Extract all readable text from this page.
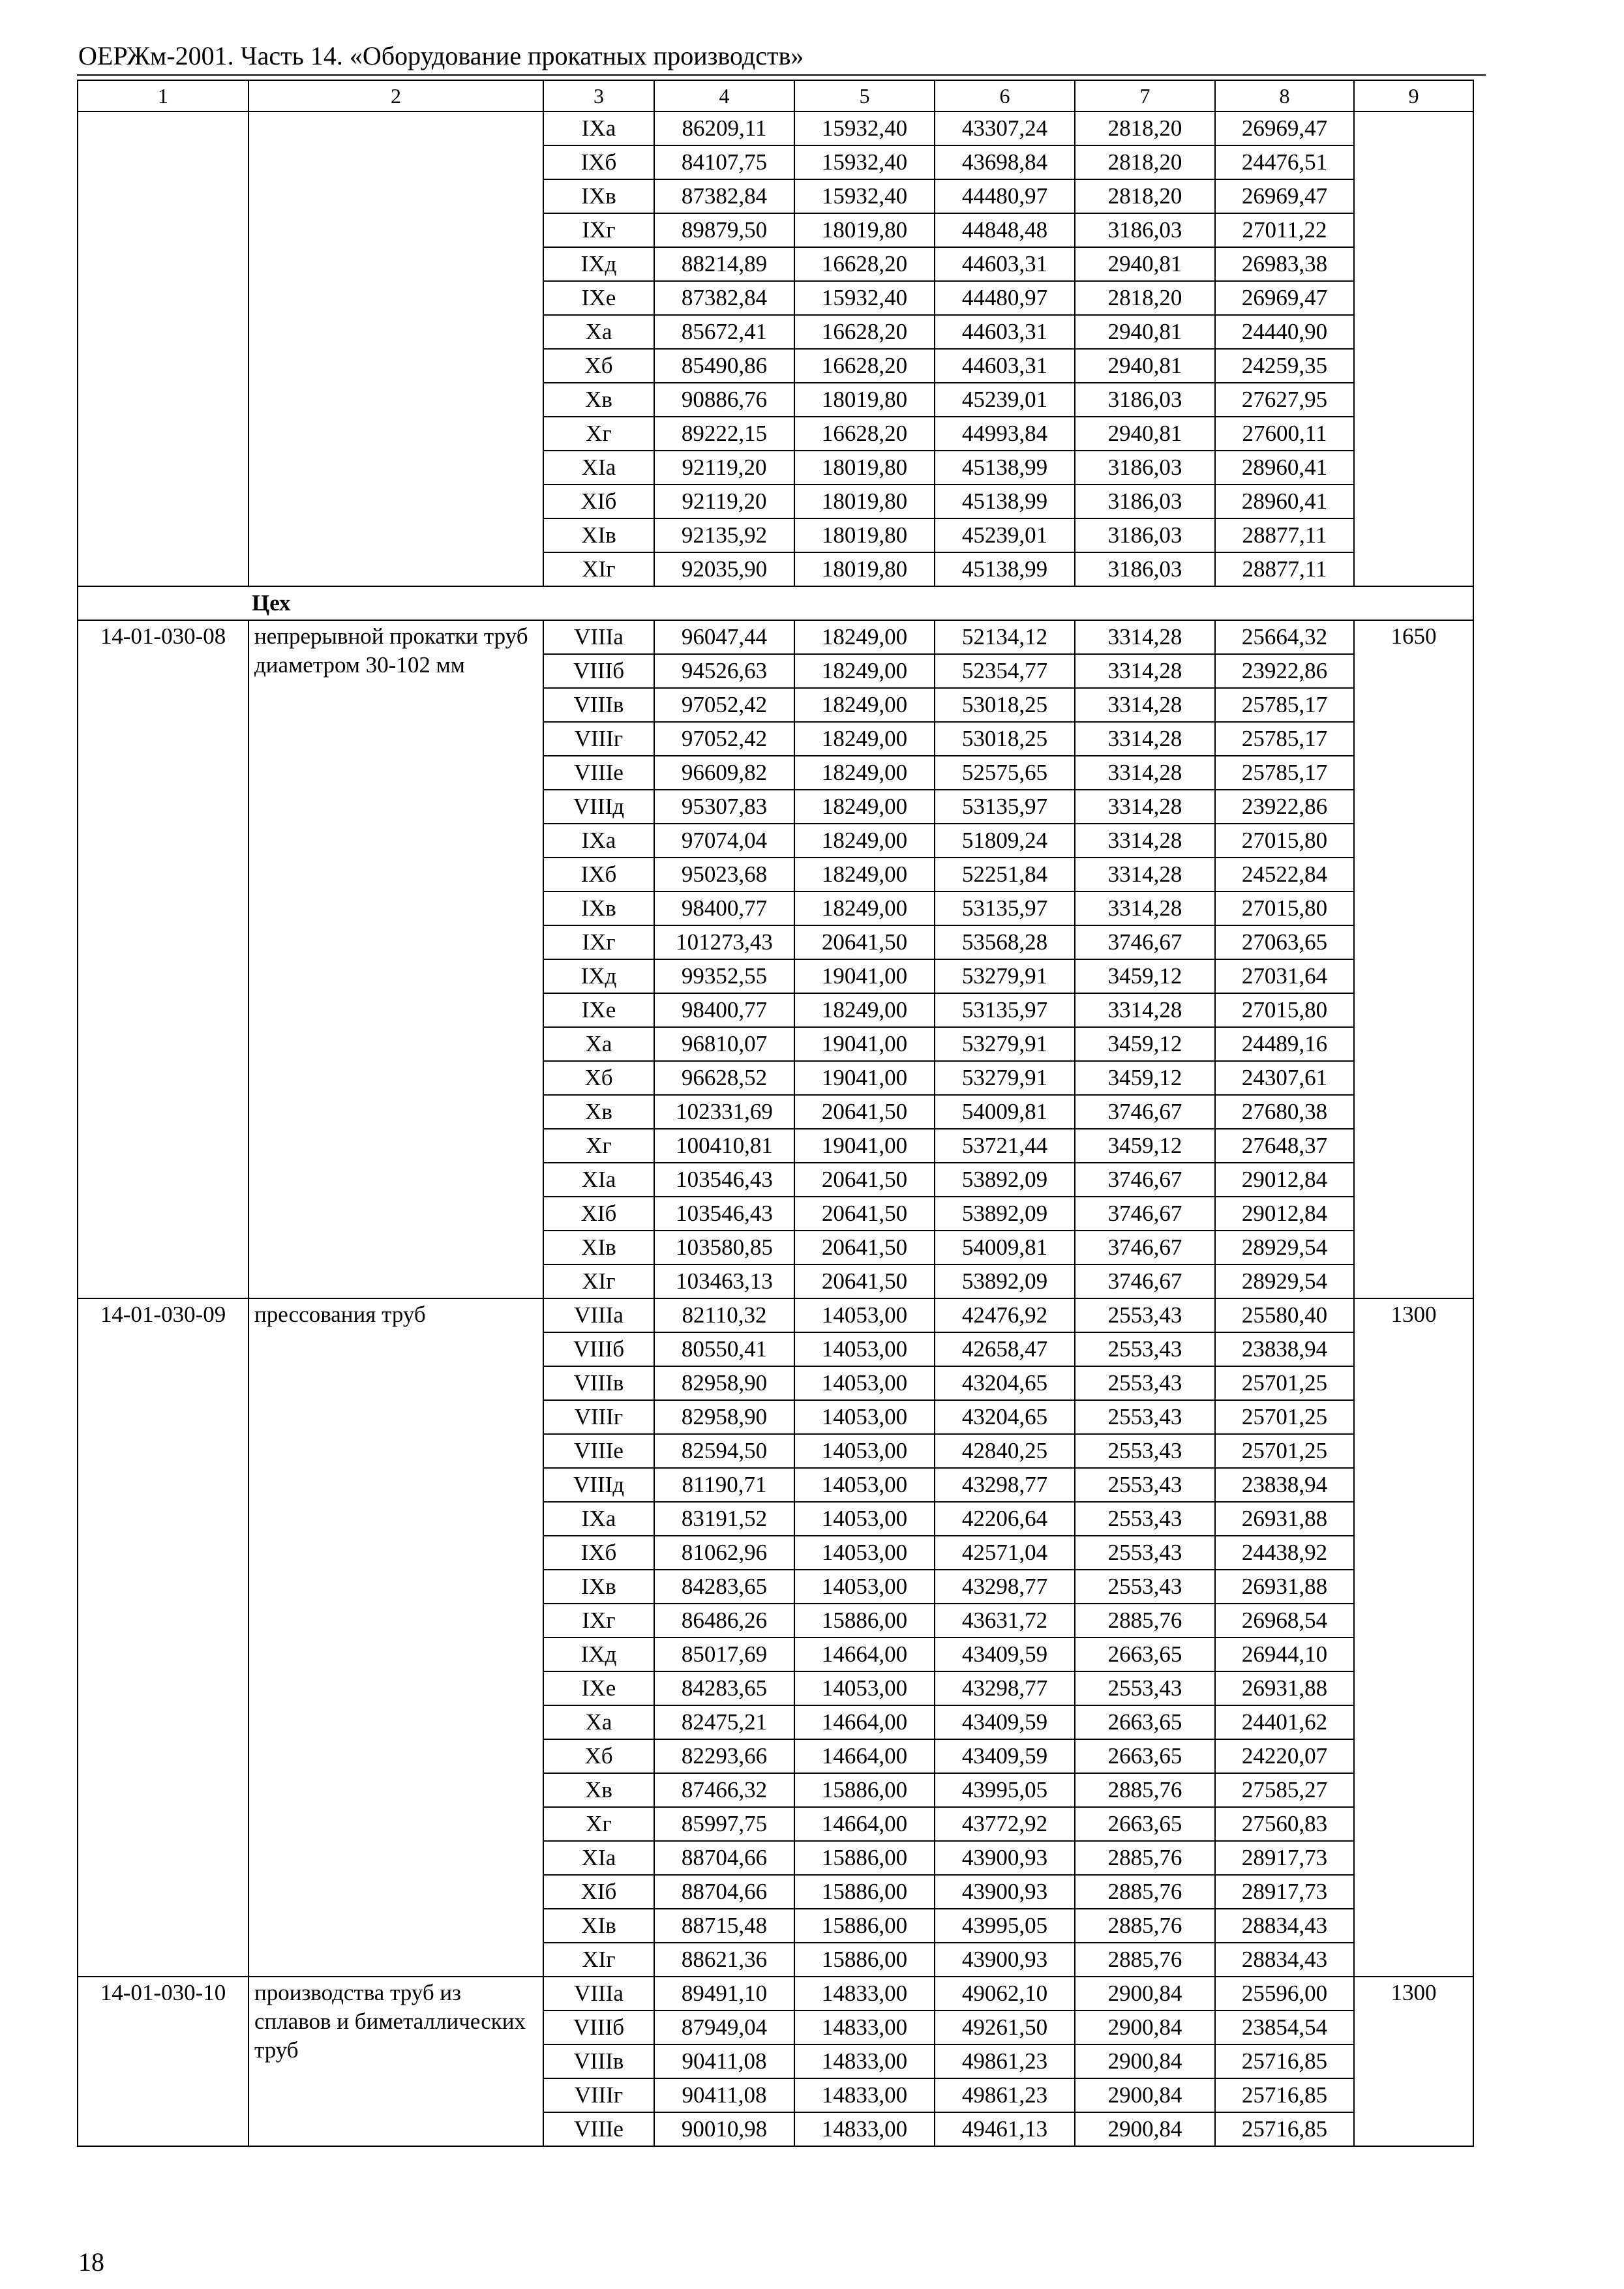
ОЕРЖм-2001. Часть 14. «Оборудование прокатных производств»
1	2	3	4	5	6	7	8	9
		IXа	86209,11	15932,40	43307,24	2818,20	26969,47	
		IXб	84107,75	15932,40	43698,84	2818,20	24476,51	
		IXв	87382,84	15932,40	44480,97	2818,20	26969,47	
		IXг	89879,50	18019,80	44848,48	3186,03	27011,22	
		IXд	88214,89	16628,20	44603,31	2940,81	26983,38	
		IXе	87382,84	15932,40	44480,97	2818,20	26969,47	
		Xа	85672,41	16628,20	44603,31	2940,81	24440,90	
		Xб	85490,86	16628,20	44603,31	2940,81	24259,35	
		Xв	90886,76	18019,80	45239,01	3186,03	27627,95	
		Xг	89222,15	16628,20	44993,84	2940,81	27600,11	
		XIа	92119,20	18019,80	45138,99	3186,03	28960,41	
		XIб	92119,20	18019,80	45138,99	3186,03	28960,41	
		XIв	92135,92	18019,80	45239,01	3186,03	28877,11	
		XIг	92035,90	18019,80	45138,99	3186,03	28877,11	
Цех								
14-01-030-08	непрерывной прокатки труб диаметром 30-102 мм	VIIIа	96047,44	18249,00	52134,12	3314,28	25664,32	1650
		VIIIб	94526,63	18249,00	52354,77	3314,28	23922,86	
		VIIIв	97052,42	18249,00	53018,25	3314,28	25785,17	
		VIIIг	97052,42	18249,00	53018,25	3314,28	25785,17	
		VIIIе	96609,82	18249,00	52575,65	3314,28	25785,17	
		VIIIд	95307,83	18249,00	53135,97	3314,28	23922,86	
		IXа	97074,04	18249,00	51809,24	3314,28	27015,80	
		IXб	95023,68	18249,00	52251,84	3314,28	24522,84	
		IXв	98400,77	18249,00	53135,97	3314,28	27015,80	
		IXг	101273,43	20641,50	53568,28	3746,67	27063,65	
		IXд	99352,55	19041,00	53279,91	3459,12	27031,64	
		IXе	98400,77	18249,00	53135,97	3314,28	27015,80	
		Xа	96810,07	19041,00	53279,91	3459,12	24489,16	
		Xб	96628,52	19041,00	53279,91	3459,12	24307,61	
		Xв	102331,69	20641,50	54009,81	3746,67	27680,38	
		Xг	100410,81	19041,00	53721,44	3459,12	27648,37	
		XIа	103546,43	20641,50	53892,09	3746,67	29012,84	
		XIб	103546,43	20641,50	53892,09	3746,67	29012,84	
		XIв	103580,85	20641,50	54009,81	3746,67	28929,54	
		XIг	103463,13	20641,50	53892,09	3746,67	28929,54	
14-01-030-09	прессования труб	VIIIа	82110,32	14053,00	42476,92	2553,43	25580,40	1300
		VIIIб	80550,41	14053,00	42658,47	2553,43	23838,94	
		VIIIв	82958,90	14053,00	43204,65	2553,43	25701,25	
		VIIIг	82958,90	14053,00	43204,65	2553,43	25701,25	
		VIIIе	82594,50	14053,00	42840,25	2553,43	25701,25	
		VIIIд	81190,71	14053,00	43298,77	2553,43	23838,94	
		IXа	83191,52	14053,00	42206,64	2553,43	26931,88	
		IXб	81062,96	14053,00	42571,04	2553,43	24438,92	
		IXв	84283,65	14053,00	43298,77	2553,43	26931,88	
		IXг	86486,26	15886,00	43631,72	2885,76	26968,54	
		IXд	85017,69	14664,00	43409,59	2663,65	26944,10	
		IXе	84283,65	14053,00	43298,77	2553,43	26931,88	
		Xа	82475,21	14664,00	43409,59	2663,65	24401,62	
		Xб	82293,66	14664,00	43409,59	2663,65	24220,07	
		Xв	87466,32	15886,00	43995,05	2885,76	27585,27	
		Xг	85997,75	14664,00	43772,92	2663,65	27560,83	
		XIа	88704,66	15886,00	43900,93	2885,76	28917,73	
		XIб	88704,66	15886,00	43900,93	2885,76	28917,73	
		XIв	88715,48	15886,00	43995,05	2885,76	28834,43	
		XIг	88621,36	15886,00	43900,93	2885,76	28834,43	
14-01-030-10	производства труб из сплавов и биметаллических труб	VIIIа	89491,10	14833,00	49062,10	2900,84	25596,00	1300
		VIIIб	87949,04	14833,00	49261,50	2900,84	23854,54	
		VIIIв	90411,08	14833,00	49861,23	2900,84	25716,85	
		VIIIг	90411,08	14833,00	49861,23	2900,84	25716,85	
		VIIIе	90010,98	14833,00	49461,13	2900,84	25716,85	
18
